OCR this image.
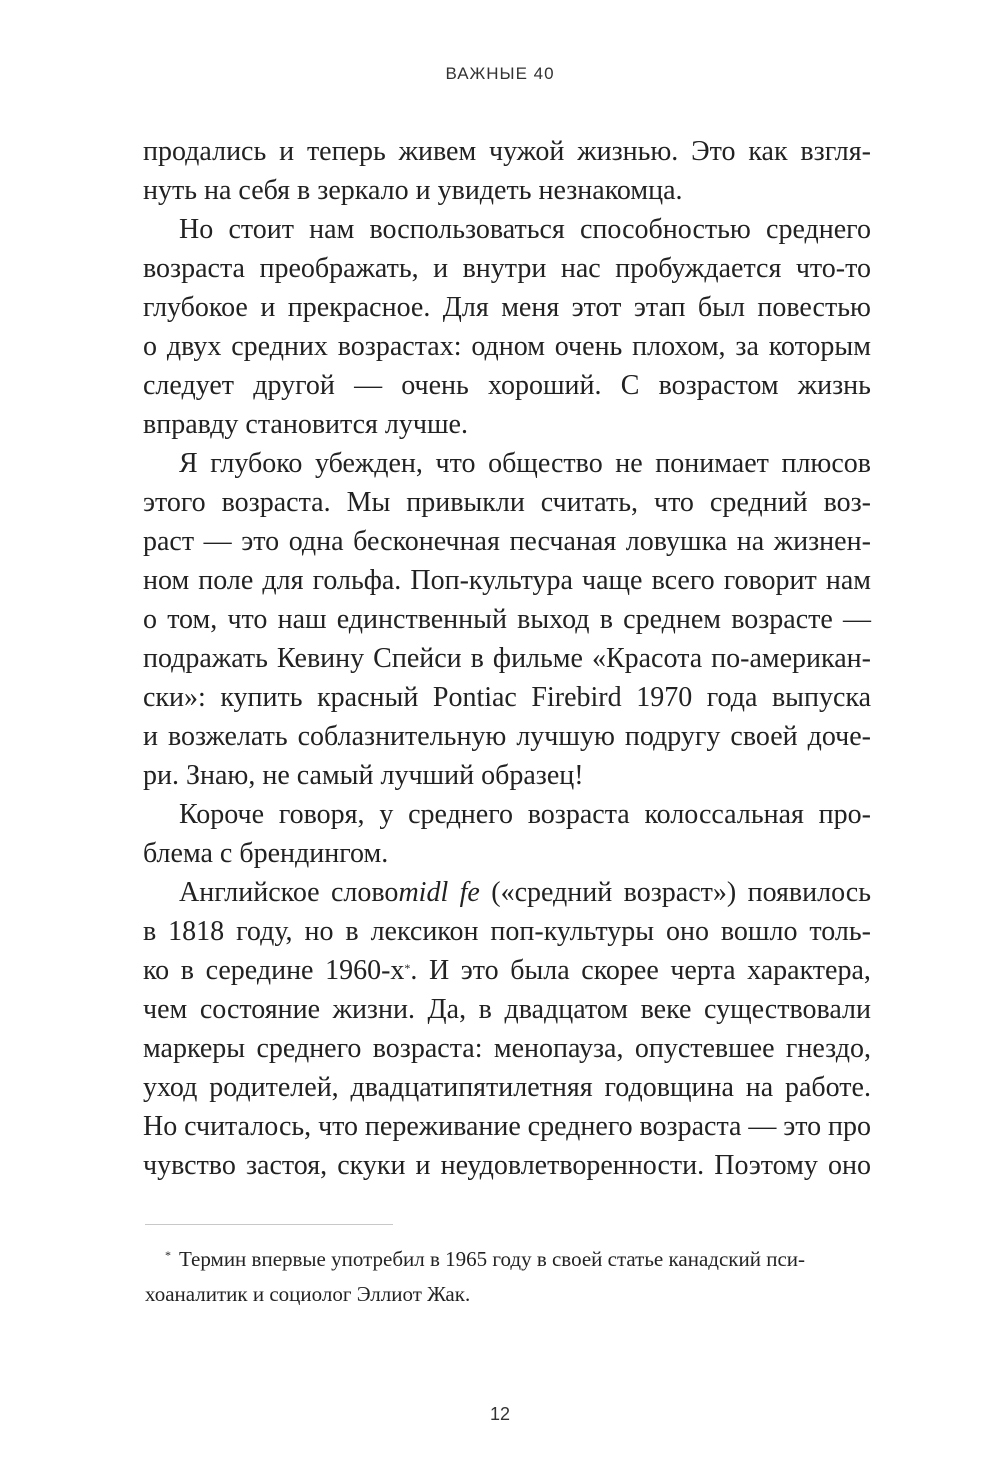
ВАЖНЫЕ 40
продались и теперь живем чужой жизнью. Это как взгля-
нуть на себя в зеркало и увидеть незнакомца.
Но стоит нам воспользоваться способностью среднего
возраста преображать, и внутри нас пробуждается что-то
глубокое и прекрасное. Для меня этот этап был повестью
о двух средних возрастах: одном очень плохом, за которым
следует другой — очень хороший. С возрастом жизнь
вправду становится лучше.
Я глубоко убежден, что общество не понимает плюсов
этого возраста. Мы привыкли считать, что средний воз-
раст — это одна бесконечная песчаная ловушка на жизнен-
ном поле для гольфа. Поп-культура чаще всего говорит нам
о том, что наш единственный выход в среднем возрасте —
подражать Кевину Спейси в фильме «Красота по-американ-
ски»: купить красный Pontiac Firebird 1970 года выпуска
и возжелать соблазнительную лучшую подругу своей доче-
ри. Знаю, не самый лучший образец!
Короче говоря, у среднего возраста колоссальная про-
блема с брендингом.
Английское словоmidl fe («средний возраст») появилось
в 1818 году, но в лексикон поп-культуры оно вошло толь-
ко в середине 1960-х*. И это была скорее черта характера,
чем состояние жизни. Да, в двадцатом веке существовали
маркеры среднего возраста: менопауза, опустевшее гнездо,
уход родителей, двадцатипятилетняя годовщина на работе.
Но считалось, что переживание среднего возраста — это про
чувство застоя, скуки и неудовлетворенности. Поэтому оно
* Термин впервые употребил в 1965 году в своей статье канадский пси-
хоаналитик и социолог Эллиот Жак.
12
